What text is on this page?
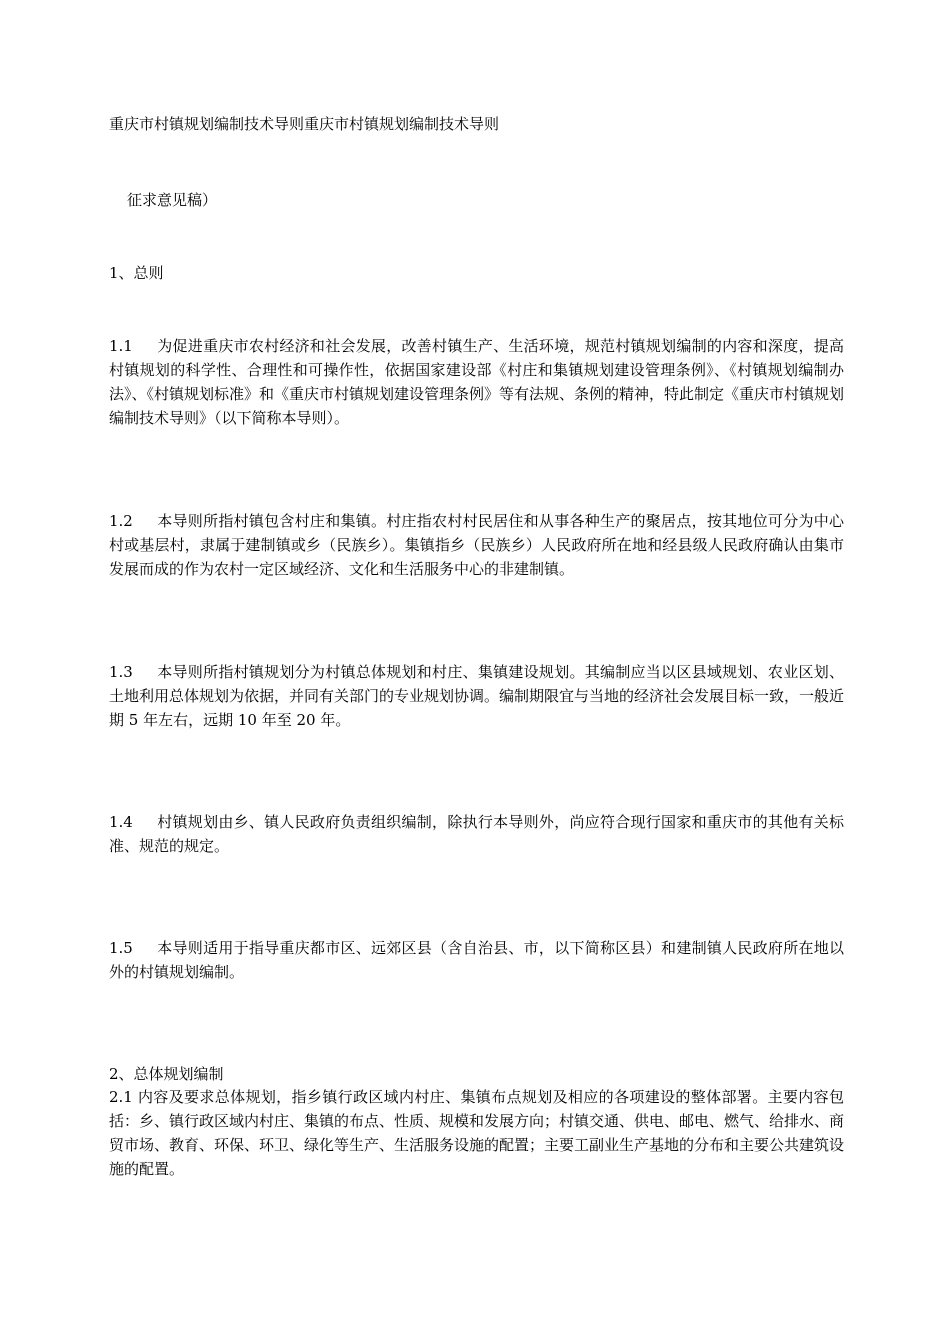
重庆市村镇规划编制技术导则重庆市村镇规划编制技术导则

征求意见稿）

1、总则

1.1 为促进重庆市农村经济和社会发展，改善村镇生产、生活环境，规范村镇规划编制的内容和深度，提高村镇规划的科学性、合理性和可操作性，依据国家建设部《村庄和集镇规划建设管理条例》、《村镇规划编制办法》、《村镇规划标准》和《重庆市村镇规划建设管理条例》等有法规、条例的精神，特此制定《重庆市村镇规划编制技术导则》（以下简称本导则）。

1.2 本导则所指村镇包含村庄和集镇。村庄指农村村民居住和从事各种生产的聚居点，按其地位可分为中心村或基层村，隶属于建制镇或乡（民族乡）。集镇指乡（民族乡）人民政府所在地和经县级人民政府确认由集市发展而成的作为农村一定区域经济、文化和生活服务中心的非建制镇。

1.3 本导则所指村镇规划分为村镇总体规划和村庄、集镇建设规划。其编制应当以区县域规划、农业区划、土地利用总体规划为依据，并同有关部门的专业规划协调。编制期限宜与当地的经济社会发展目标一致，一般近期 5 年左右，远期 10 年至 20 年。

1.4 村镇规划由乡、镇人民政府负责组织编制，除执行本导则外，尚应符合现行国家和重庆市的其他有关标准、规范的规定。

1.5 本导则适用于指导重庆都市区、远郊区县（含自治县、市，以下简称区县）和建制镇人民政府所在地以外的村镇规划编制。

2、总体规划编制

2.1 内容及要求总体规划，指乡镇行政区域内村庄、集镇布点规划及相应的各项建设的整体部署。主要内容包括：乡、镇行政区域内村庄、集镇的布点、性质、规模和发展方向；村镇交通、供电、邮电、燃气、给排水、商贸市场、教育、环保、环卫、绿化等生产、生活服务设施的配置；主要工副业生产基地的分布和主要公共建筑设施的配置。
